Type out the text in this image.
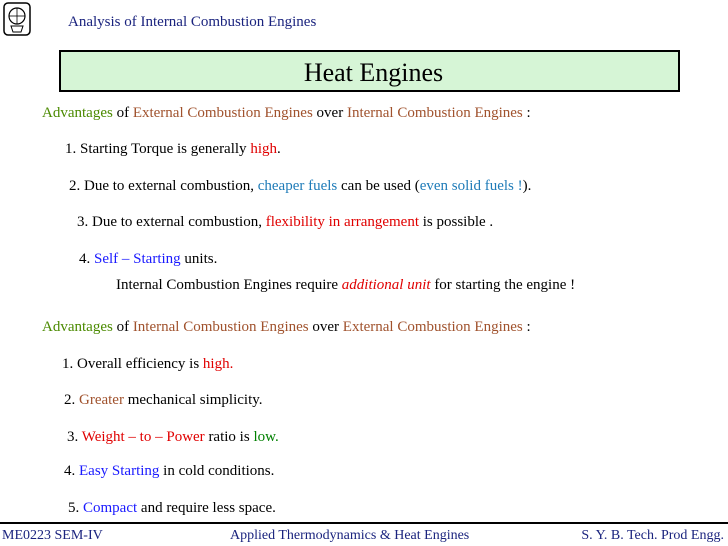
Analysis of Internal Combustion Engines
Heat Engines
Advantages of External Combustion Engines over Internal Combustion Engines :
1. Starting Torque is generally high.
2. Due to external combustion, cheaper fuels can be used (even solid fuels !).
3. Due to external combustion, flexibility in arrangement is possible .
4. Self – Starting units.
Internal Combustion Engines require additional unit for starting the engine !
Advantages of Internal Combustion Engines over External Combustion Engines :
1. Overall efficiency is high.
2. Greater mechanical simplicity.
3. Weight – to – Power ratio is low.
4. Easy Starting in cold conditions.
5. Compact and require less space.
ME0223 SEM-IV	Applied Thermodynamics & Heat Engines	S. Y. B. Tech. Prod Engg.
